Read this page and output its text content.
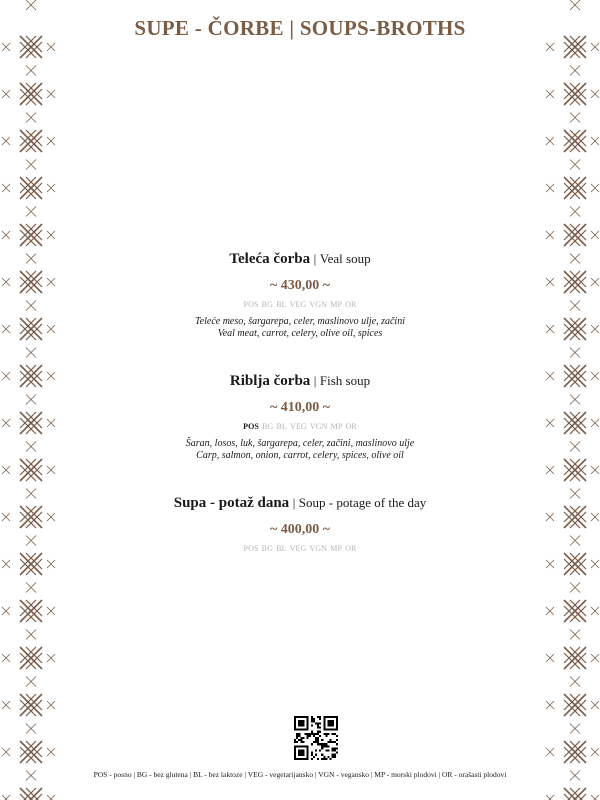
SUPE - ČORBE | SOUPS-BROTHS
Teleća čorba | Veal soup
~ 430,00 ~
POS BG BL VEG VGN MP OR
Teleće meso, šargarepa, celer, maslinovo ulje, začini
Veal meat, carrot, celery, olive oil, spices
Riblja čorba | Fish soup
~ 410,00 ~
POS BG BL VEG VGN MP OR
Šaran, losos, luk, šargarepa, celer, začini, maslinovo ulje
Carp, salmon, onion, carrot, celery, spices, olive oil
Supa - potaž dana | Soup - potage of the day
~ 400,00 ~
POS BG BL VEG VGN MP OR
POS - posno | BG - bez glutena | BL - bez laktoze | VEG - vegetarijansko | VGN - vegansko | MP - morski plodovi | OR - orašasti plodovi
